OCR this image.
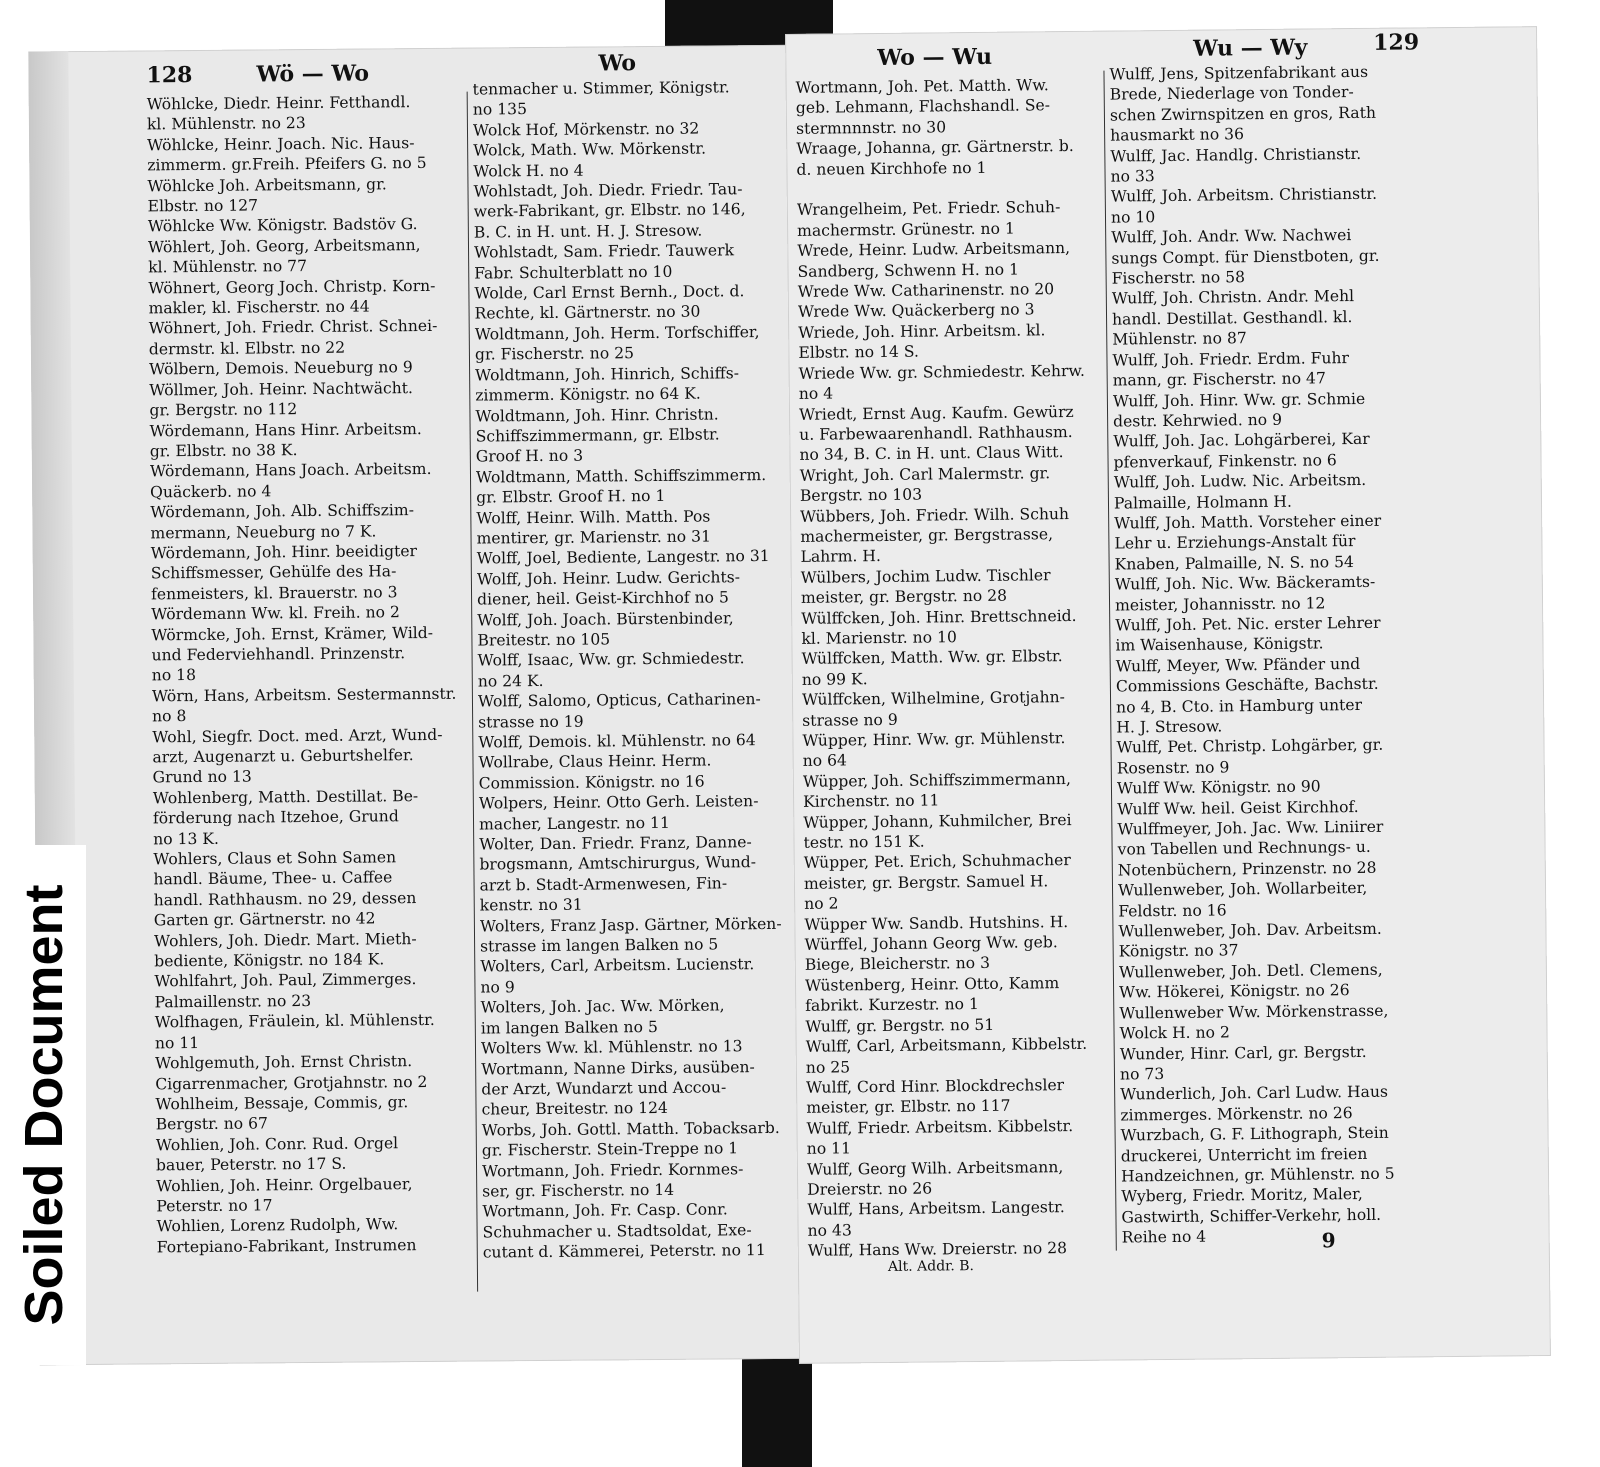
128	Wö — Wo	Wo
Wöhlcke, Diedr. Heinr. Fetthandl.
kl. Mühlenstr. no 23
Wöhlcke, Heinr. Joach. Nic. Haus-
zimmerm. gr.Freih. Pfeifers G. no 5
Wöhlcke Joh. Arbeitsmann, gr.
Elbstr. no 127
Wöhlcke Ww. Königstr. Badstöv G.
Wöhlert, Joh. Georg, Arbeitsmann,
kl. Mühlenstr. no 77
Wöhnert, Georg Joch. Christp. Korn-
makler, kl. Fischerstr. no 44
Wöhnert, Joh. Friedr. Christ. Schnei-
dermstr. kl. Elbstr. no 22
Wölbern, Demois. Neueburg no 9
Wöllmer, Joh. Heinr. Nachtwächt.
gr. Bergstr. no 112
Wördemann, Hans Hinr. Arbeitsm.
gr. Elbstr. no 38 K.
Wördemann, Hans Joach. Arbeitsm.
Quäckerb. no 4
Wördemann, Joh. Alb. Schiffszim-
mermann, Neueburg no 7 K.
Wördemann, Joh. Hinr. beeidigter
Schiffsmesser, Gehülfe des Ha-
fenmeisters, kl. Brauerstr. no 3
Wördemann Ww. kl. Freih. no 2
Wörmcke, Joh. Ernst, Krämer, Wild-
und Federviehhandl. Prinzenstr.
no 18
Wörn, Hans, Arbeitsm. Sestermannstr.
no 8
Wohl, Siegfr. Doct. med. Arzt, Wund-
arzt, Augenarzt u. Geburtshelfer.
Grund no 13
Wohlenberg, Matth. Destillat. Be-
förderung nach Itzehoe, Grund
no 13 K.
Wohlers, Claus et Sohn Samen
handl. Bäume, Thee- u. Caffee
handl. Rathhausm. no 29, dessen
Garten gr. Gärtnerstr. no 42
Wohlers, Joh. Diedr. Mart. Mieth-
bediente, Königstr. no 184 K.
Wohlfahrt, Joh. Paul, Zimmerges.
Palmaillenstr. no 23
Wolfhagen, Fräulein, kl. Mühlenstr.
no 11
Wohlgemuth, Joh. Ernst Christn.
Cigarrenmacher, Grotjahnstr. no 2
Wohlheim, Bessaje, Commis, gr.
Bergstr. no 67
Wohlien, Joh. Conr. Rud. Orgel
bauer, Peterstr. no 17 S.
Wohlien, Joh. Heinr. Orgelbauer,
Peterstr. no 17
Wohlien, Lorenz Rudolph, Ww.
Fortepiano-Fabrikant, Instrumen
tenmacher u. Stimmer, Königstr.
no 135
Wolck Hof, Mörkenstr. no 32
Wolck, Math. Ww. Mörkenstr.
Wolck H. no 4
Wohlstadt, Joh. Diedr. Friedr. Tau-
werk-Fabrikant, gr. Elbstr. no 146,
B. C. in H. unt. H. J. Stresow.
Wohlstadt, Sam. Friedr. Tauwerk
Fabr. Schulterblatt no 10
Wolde, Carl Ernst Bernh., Doct. d.
Rechte, kl. Gärtnerstr. no 30
Woldtmann, Joh. Herm. Torfschiffer,
gr. Fischerstr. no 25
Woldtmann, Joh. Hinrich, Schiffs-
zimmerm. Königstr. no 64 K.
Woldtmann, Joh. Hinr. Christn.
Schiffszimmermann, gr. Elbstr.
Groof H. no 3
Woldtmann, Matth. Schiffszimmerm.
gr. Elbstr. Groof H. no 1
Wolff, Heinr. Wilh. Matth. Pos
mentirer, gr. Marienstr. no 31
Wolff, Joel, Bediente, Langestr. no 31
Wolff, Joh. Heinr. Ludw. Gerichts-
diener, heil. Geist-Kirchhof no 5
Wolff, Joh. Joach. Bürstenbinder,
Breitestr. no 105
Wolff, Isaac, Ww. gr. Schmiedestr.
no 24 K.
Wolff, Salomo, Opticus, Catharinen-
strasse no 19
Wolff, Demois. kl. Mühlenstr. no 64
Wollrabe, Claus Heinr. Herm.
Commission. Königstr. no 16
Wolpers, Heinr. Otto Gerh. Leisten-
macher, Langestr. no 11
Wolter, Dan. Friedr. Franz, Danne-
brogsmann, Amtschirurgus, Wund-
arzt b. Stadt-Armenwesen, Fin-
kenstr. no 31
Wolters, Franz Jasp. Gärtner, Mörken-
strasse im langen Balken no 5
Wolters, Carl, Arbeitsm. Lucienstr.
no 9
Wolters, Joh. Jac. Ww. Mörken,
im langen Balken no 5
Wolters Ww. kl. Mühlenstr. no 13
Wortmann, Nanne Dirks, ausüben-
der Arzt, Wundarzt und Accou-
cheur, Breitestr. no 124
Worbs, Joh. Gottl. Matth. Tobacksarb.
gr. Fischerstr. Stein-Treppe no 1
Wortmann, Joh. Friedr. Kornmes-
ser, gr. Fischerstr. no 14
Wortmann, Joh. Fr. Casp. Conr.
Schuhmacher u. Stadtsoldat, Exe-
cutant d. Kämmerei, Peterstr. no 11
Wo — Wu	Wu — Wy	129
Wortmann, Joh. Pet. Matth. Ww.
geb. Lehmann, Flachshandl. Se-
stermnnnstr. no 30
Wraage, Johanna, gr. Gärtnerstr. b.
d. neuen Kirchhofe no 1

Wrangelheim, Pet. Friedr. Schuh-
machermstr. Grünestr. no 1
Wrede, Heinr. Ludw. Arbeitsmann,
Sandberg, Schwenn H. no 1
Wrede Ww. Catharinenstr. no 20
Wrede Ww. Quäckerberg no 3
Wriede, Joh. Hinr. Arbeitsm. kl.
Elbstr. no 14 S.
Wriede Ww. gr. Schmiedestr. Kehrw.
no 4
Wriedt, Ernst Aug. Kaufm. Gewürz
u. Farbewaarenhandl. Rathhausm.
no 34, B. C. in H. unt. Claus Witt.
Wright, Joh. Carl Malermstr. gr.
Bergstr. no 103
Wübbers, Joh. Friedr. Wilh. Schuh
machermeister, gr. Bergstrasse,
Lahrm. H.
Wülbers, Jochim Ludw. Tischler
meister, gr. Bergstr. no 28
Wülffcken, Joh. Hinr. Brettschneid.
kl. Marienstr. no 10
Wülffcken, Matth. Ww. gr. Elbstr.
no 99 K.
Wülffcken, Wilhelmine, Grotjahn-
strasse no 9
Wüpper, Hinr. Ww. gr. Mühlenstr.
no 64
Wüpper, Joh. Schiffszimmermann,
Kirchenstr. no 11
Wüpper, Johann, Kuhmilcher, Brei
testr. no 151 K.
Wüpper, Pet. Erich, Schuhmacher
meister, gr. Bergstr. Samuel H.
no 2
Wüpper Ww. Sandb. Hutshins. H.
Würffel, Johann Georg Ww. geb.
Biege, Bleicherstr. no 3
Wüstenberg, Heinr. Otto, Kamm
fabrikt. Kurzestr. no 1
Wulff, gr. Bergstr. no 51
Wulff, Carl, Arbeitsmann, Kibbelstr.
no 25
Wulff, Cord Hinr. Blockdrechsler
meister, gr. Elbstr. no 117
Wulff, Friedr. Arbeitsm. Kibbelstr.
no 11
Wulff, Georg Wilh. Arbeitsmann,
Dreierstr. no 26
Wulff, Hans, Arbeitsm. Langestr.
no 43
Wulff, Hans Ww. Dreierstr. no 28
Wulff, Jens, Spitzenfabrikant aus
Brede, Niederlage von Tonder-
schen Zwirnspitzen en gros, Rath
hausmarkt no 36
Wulff, Jac. Handlg. Christianstr.
no 33
Wulff, Joh. Arbeitsm. Christianstr.
no 10
Wulff, Joh. Andr. Ww. Nachwei
sungs Compt. für Dienstboten, gr.
Fischerstr. no 58
Wulff, Joh. Christn. Andr. Mehl
handl. Destillat. Gesthandl. kl.
Mühlenstr. no 87
Wulff, Joh. Friedr. Erdm. Fuhr
mann, gr. Fischerstr. no 47
Wulff, Joh. Hinr. Ww. gr. Schmie
destr. Kehrwied. no 9
Wulff, Joh. Jac. Lohgärberei, Kar
pfenverkauf, Finkenstr. no 6
Wulff, Joh. Ludw. Nic. Arbeitsm.
Palmaille, Holmann H.
Wulff, Joh. Matth. Vorsteher einer
Lehr u. Erziehungs-Anstalt für
Knaben, Palmaille, N. S. no 54
Wulff, Joh. Nic. Ww. Bäckeramts-
meister, Johannisstr. no 12
Wulff, Joh. Pet. Nic. erster Lehrer
im Waisenhause, Königstr.
Wulff, Meyer, Ww. Pfänder und
Commissions Geschäfte, Bachstr.
no 4, B. Cto. in Hamburg unter
H. J. Stresow.
Wulff, Pet. Christp. Lohgärber, gr.
Rosenstr. no 9
Wulff Ww. Königstr. no 90
Wulff Ww. heil. Geist Kirchhof.
Wulffmeyer, Joh. Jac. Ww. Liniirer
von Tabellen und Rechnungs- u.
Notenbüchern, Prinzenstr. no 28
Wullenweber, Joh. Wollarbeiter,
Feldstr. no 16
Wullenweber, Joh. Dav. Arbeitsm.
Königstr. no 37
Wullenweber, Joh. Detl. Clemens,
Ww. Hökerei, Königstr. no 26
Wullenweber Ww. Mörkenstrasse,
Wolck H. no 2
Wunder, Hinr. Carl, gr. Bergstr.
no 73
Wunderlich, Joh. Carl Ludw. Haus
zimmerges. Mörkenstr. no 26
Wurzbach, G. F. Lithograph, Stein
druckerei, Unterricht im freien
Handzeichnen, gr. Mühlenstr. no 5
Wyberg, Friedr. Moritz, Maler,
Gastwirth, Schiffer-Verkehr, holl.
Reihe no 4
Alt. Addr. B.
9
Soiled Document
